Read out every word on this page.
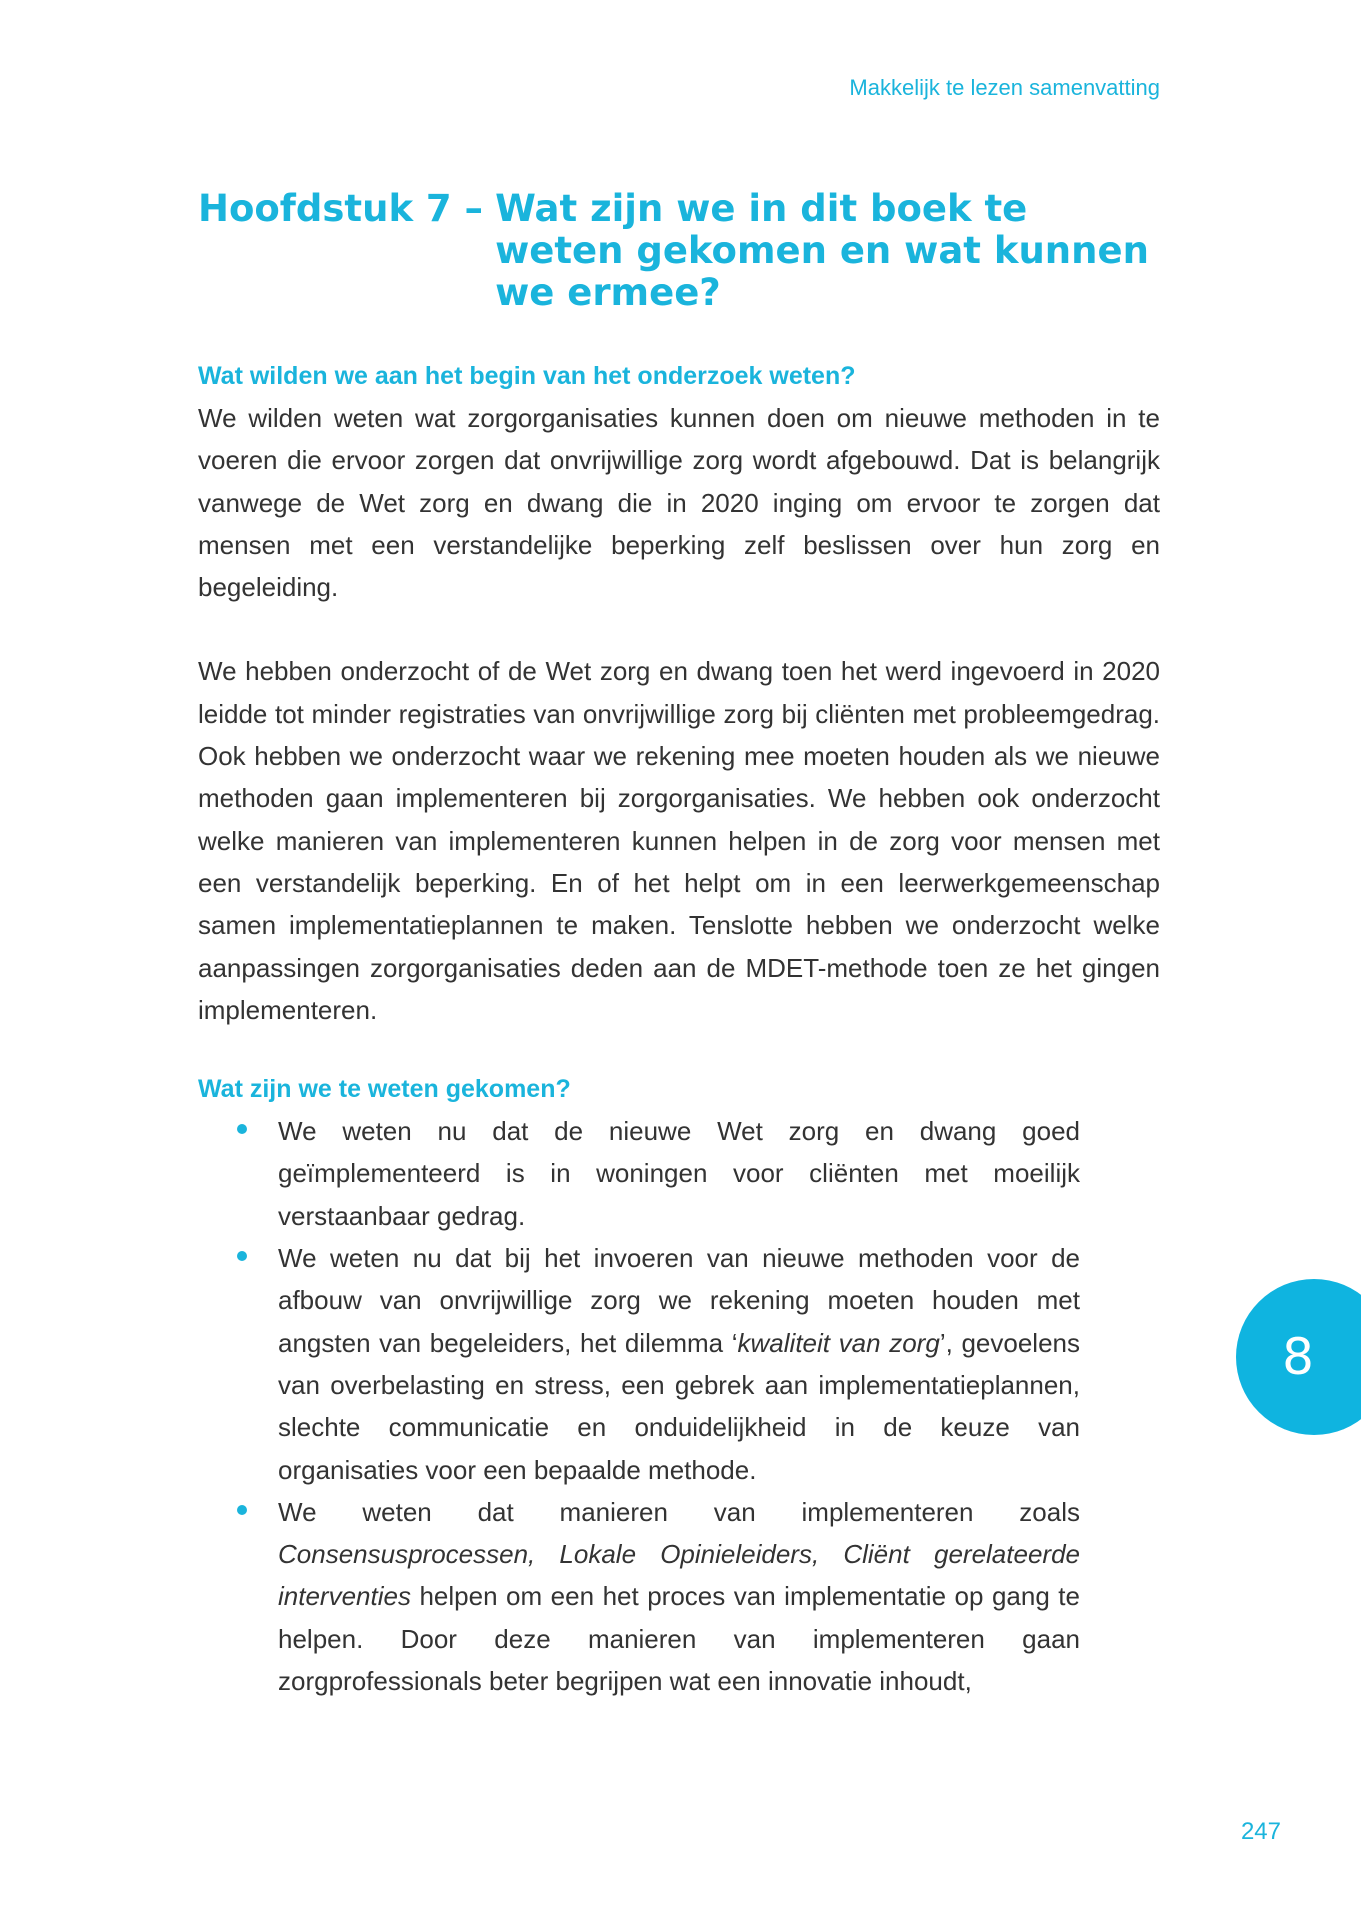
Makkelijk te lezen samenvatting
Hoofdstuk 7 – Wat zijn we in dit boek te weten gekomen en wat kunnen we ermee?
Wat wilden we aan het begin van het onderzoek weten?

We wilden weten wat zorgorganisaties kunnen doen om nieuwe methoden in te voeren die ervoor zorgen dat onvrijwillige zorg wordt afgebouwd. Dat is belangrijk vanwege de Wet zorg en dwang die in 2020 inging om ervoor te zorgen dat mensen met een verstandelijke beperking zelf beslissen over hun zorg en begeleiding.

We hebben onderzocht of de Wet zorg en dwang toen het werd ingevoerd in 2020 leidde tot minder registraties van onvrijwillige zorg bij cliënten met probleemgedrag. Ook hebben we onderzocht waar we rekening mee moeten houden als we nieuwe methoden gaan implementeren bij zorgorganisaties. We hebben ook onderzocht welke manieren van implementeren kunnen helpen in de zorg voor mensen met een verstandelijk beperking. En of het helpt om in een leerwerkgemeenschap samen implementatieplannen te maken. Tenslotte hebben we onderzocht welke aanpassingen zorgorganisaties deden aan de MDET-methode toen ze het gingen implementeren.

Wat zijn we te weten gekomen?
We weten nu dat de nieuwe Wet zorg en dwang goed geïmplementeerd is in woningen voor cliënten met moeilijk verstaanbaar gedrag.
We weten nu dat bij het invoeren van nieuwe methoden voor de afbouw van onvrijwillige zorg we rekening moeten houden met angsten van begeleiders, het dilemma ‘kwaliteit van zorg’, gevoelens van overbelasting en stress, een gebrek aan implementatieplannen, slechte communicatie en onduidelijkheid in de keuze van organisaties voor een bepaalde methode.
We weten dat manieren van implementeren zoals Consensusprocessen, Lokale Opinieleiders, Cliënt gerelateerde interventies helpen om een het proces van implementatie op gang te helpen. Door deze manieren van implementeren gaan zorgprofessionals beter begrijpen wat een innovatie inhoudt,
8
247
